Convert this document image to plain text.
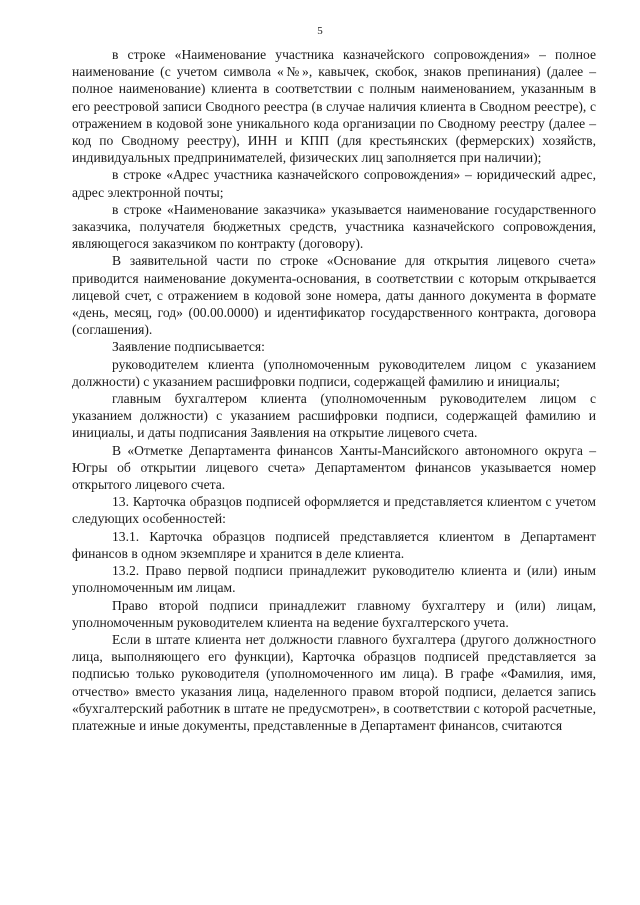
5

в строке «Наименование участника казначейского сопровождения» – полное наименование (с учетом символа «№», кавычек, скобок, знаков препинания) (далее – полное наименование) клиента в соответствии с полным наименованием, указанным в его реестровой записи Сводного реестра (в случае наличия клиента в Сводном реестре), с отражением в кодовой зоне уникального кода организации по Сводному реестру (далее – код по Сводному реестру), ИНН и КПП (для крестьянских (фермерских) хозяйств, индивидуальных предпринимателей, физических лиц заполняется при наличии);

в строке «Адрес участника казначейского сопровождения» – юридический адрес, адрес электронной почты;

в строке «Наименование заказчика» указывается наименование государственного заказчика, получателя бюджетных средств, участника казначейского сопровождения, являющегося заказчиком по контракту (договору).

В заявительной части по строке «Основание для открытия лицевого счета» приводится наименование документа-основания, в соответствии с которым открывается лицевой счет, с отражением в кодовой зоне номера, даты данного документа в формате «день, месяц, год» (00.00.0000) и идентификатор государственного контракта, договора (соглашения).

Заявление подписывается:

руководителем клиента (уполномоченным руководителем лицом с указанием должности) с указанием расшифровки подписи, содержащей фамилию и инициалы;

главным бухгалтером клиента (уполномоченным руководителем лицом с указанием должности) с указанием расшифровки подписи, содержащей фамилию и инициалы, и даты подписания Заявления на открытие лицевого счета.

В «Отметке Департамента финансов Ханты-Мансийского автономного округа – Югры об открытии лицевого счета» Департаментом финансов указывается номер открытого лицевого счета.

13. Карточка образцов подписей оформляется и представляется клиентом с учетом следующих особенностей:

13.1. Карточка образцов подписей представляется клиентом в Департамент финансов в одном экземпляре и хранится в деле клиента.

13.2. Право первой подписи принадлежит руководителю клиента и (или) иным уполномоченным им лицам.

Право второй подписи принадлежит главному бухгалтеру и (или) лицам, уполномоченным руководителем клиента на ведение бухгалтерского учета.

Если в штате клиента нет должности главного бухгалтера (другого должностного лица, выполняющего его функции), Карточка образцов подписей представляется за подписью только руководителя (уполномоченного им лица). В графе «Фамилия, имя, отчество» вместо указания лица, наделенного правом второй подписи, делается запись «бухгалтерский работник в штате не предусмотрен», в соответствии с которой расчетные, платежные и иные документы, представленные в Департамент финансов, считаются
